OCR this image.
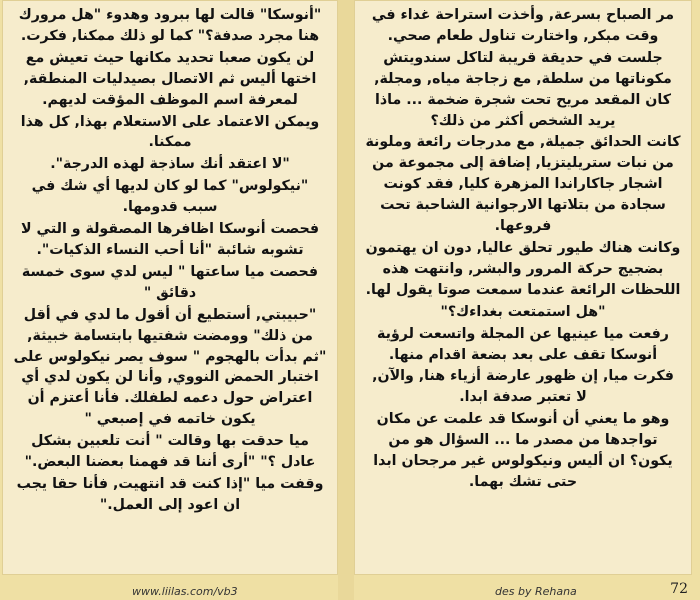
"أنوسكا" قالت لها ببرود وهدوء "هل مرورك هنا مجرد صدفة؟" كما لو ذلك ممكنا, فكرت.

لن يكون صعبا تحديد مكانها حيث تعيش مع اختها أليس ثم الاتصال بصيدليات المنطقة, لمعرفة اسم الموظف المؤقت لديهم.

ويمكن الاعتماد على الاستعلام بهذا, كل هذا ممكنا.

"لا اعتقد أنك ساذجة لهذه الدرجة".

"نيكولوس" كما لو كان لديها أي شك في سبب قدومها.

فحصت أنوسكا اظافرها المصقولة و التي لا تشوبه شائبة "أنا أحب النساء الذكيات".

فحصت ميا ساعتها " ليس لدي سوى خمسة دقائق "

"حبيبتي, أستطيع أن أقول ما لدي في أقل من ذلك" وومضت شفتيها بابتسامة خبيثة, "ثم بدأت بالهجوم " سوف يصر نيكولوس على اختبار الحمض النووي, وأنا لن يكون لدي أي اعتراض حول دعمه لطفلك. فأنا أعتزم أن يكون خاتمه في إصبعي "

ميا حدقت بها وقالت " أنت تلعبين بشكل عادل ؟" "أرى أننا قد فهمنا بعضنا البعض."

وقفت ميا "إذا كنت قد انتهيت, فأنا حقا يجب ان اعود إلى العمل."

مر الصباح بسرعة, وأخذت استراحة غداء في وقت مبكر, واختارت تناول طعام صحي.

جلست في حديقة قريبة لتاكل سندويتش مكوناتها من سلطة, مع زجاجة مياه, ومجلة, كان المقعد مريح تحت شجرة ضخمة ... ماذا يريد الشخص أكثر من ذلك؟

كانت الحدائق جميلة, مع مدرجات رائعة وملونة من نبات ستريليتزيا, إضافة إلى مجموعة من اشجار جاكاراندا المزهرة كليا, فقد كونت سجادة من بتلاتها الارجوانية الشاحبة تحت فروعها.

وكانت هناك طيور تحلق عاليا, دون ان يهتمون بضجيج حركة المرور والبشر, وانتهت هذه اللحظات الرائعة عندما سمعت صوتا يقول لها.

"هل استمتعت بغداءك؟"

رفعت ميا عينيها عن المجلة واتسعت لرؤية أنوسكا تقف على بعد بضعة اقدام منها.

فكرت ميا, إن ظهور عارضة أزياء هنا, والآن, لا تعتبر صدفة ابدا.

وهو ما يعني أن أنوسكا قد علمت عن مكان تواجدها من مصدر ما ... السؤال هو من يكون؟ ان أليس ونيكولوس غير مرجحان ابدا حتى تشك بهما.

www.liilas.com/vb3	des by Rehana	72
